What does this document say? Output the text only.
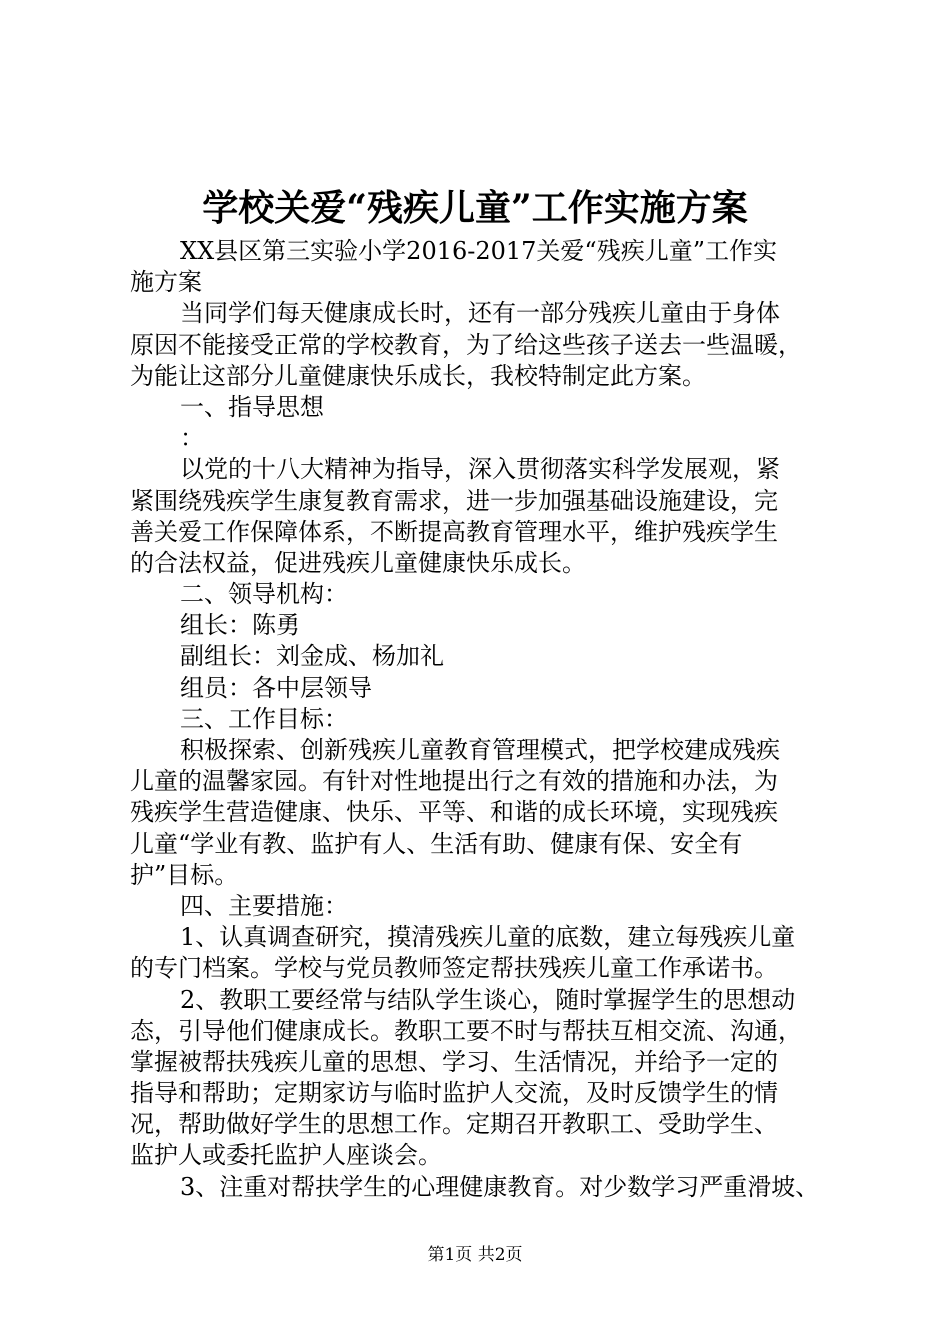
学校关爱“残疾儿童”工作实施方案
XX县区第三实验小学2016-2017关爱“残疾儿童”工作实
施方案
当同学们每天健康成长时，还有一部分残疾儿童由于身体
原因不能接受正常的学校教育，为了给这些孩子送去一些温暖，
为能让这部分儿童健康快乐成长，我校特制定此方案。
一、指导思想
：
以党的十八大精神为指导，深入贯彻落实科学发展观，紧
紧围绕残疾学生康复教育需求，进一步加强基础设施建设，完
善关爱工作保障体系，不断提高教育管理水平，维护残疾学生
的合法权益，促进残疾儿童健康快乐成长。
二、领导机构：
组长：陈勇
副组长：刘金成、杨加礼
组员：各中层领导
三、工作目标：
积极探索、创新残疾儿童教育管理模式，把学校建成残疾
儿童的温馨家园。有针对性地提出行之有效的措施和办法，为
残疾学生营造健康、快乐、平等、和谐的成长环境，实现残疾
儿童“学业有教、监护有人、生活有助、健康有保、安全有
护”目标。
四、主要措施：
1、认真调查研究，摸清残疾儿童的底数，建立每残疾儿童
的专门档案。学校与党员教师签定帮扶残疾儿童工作承诺书。
2、教职工要经常与结队学生谈心，随时掌握学生的思想动
态，引导他们健康成长。教职工要不时与帮扶互相交流、沟通，
掌握被帮扶残疾儿童的思想、学习、生活情况，并给予一定的
指导和帮助；定期家访与临时监护人交流，及时反馈学生的情
况，帮助做好学生的思想工作。定期召开教职工、受助学生、
监护人或委托监护人座谈会。
3、注重对帮扶学生的心理健康教育。对少数学习严重滑坡、
第1页 共2页
